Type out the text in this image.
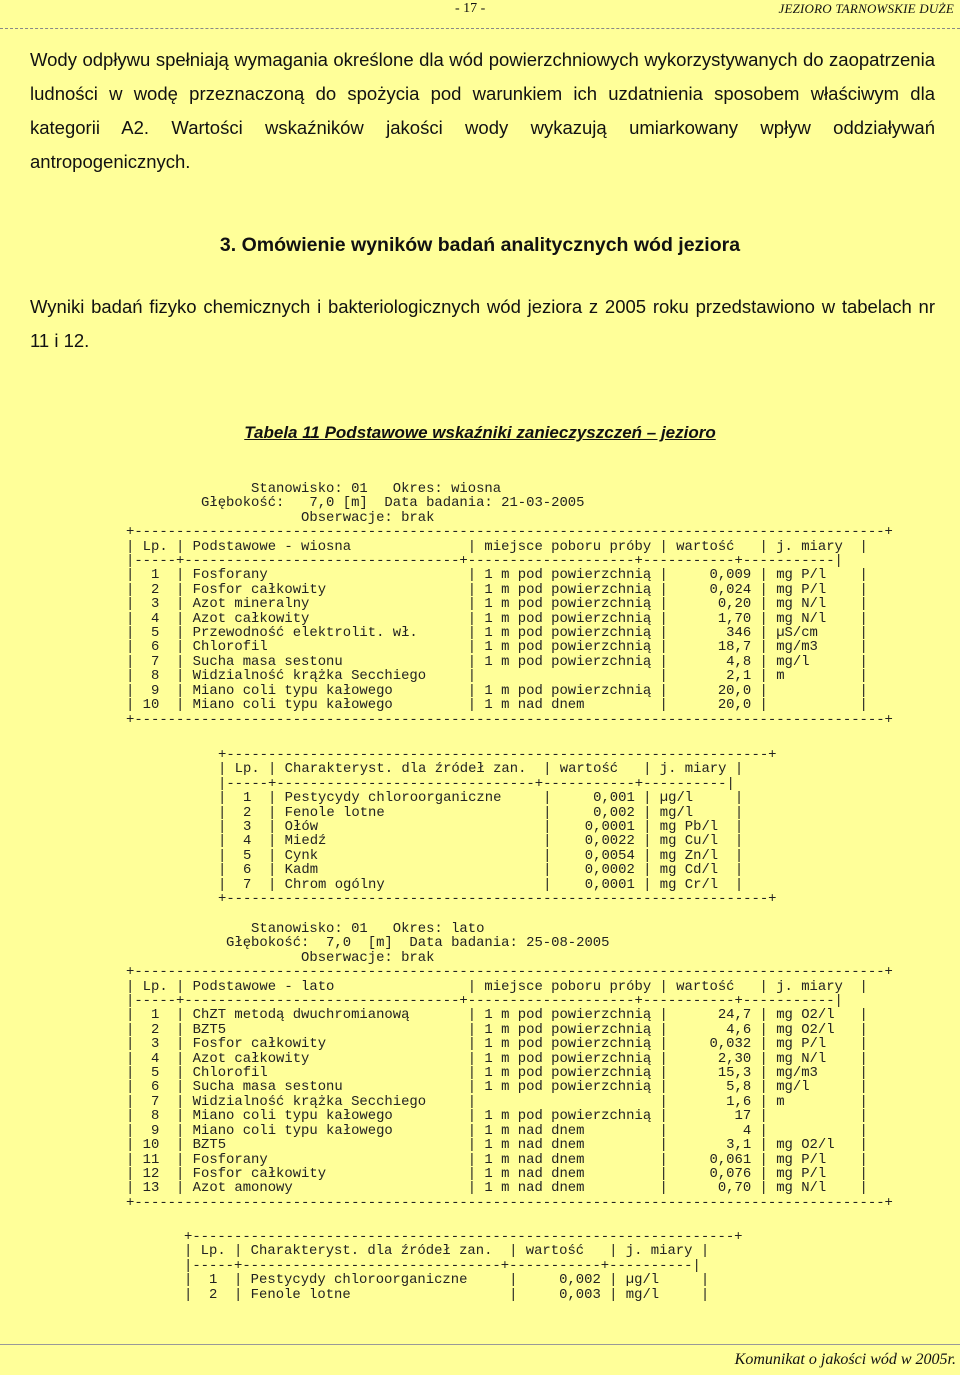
- 17 -	JEZIORO TARNOWSKIE DUŻE
Wody odpływu spełniają wymagania określone dla wód powierzchniowych wykorzystywanych do zaopatrzenia ludności w wodę przeznaczoną do spożycia pod warunkiem ich uzdatnienia sposobem właściwym dla kategorii A2. Wartości wskaźników jakości wody wykazują umiarkowany wpływ oddziaływań antropogenicznych.
3. Omówienie wyników badań analitycznych wód jeziora
Wyniki badań fizyko chemicznych i bakteriologicznych wód jeziora z 2005 roku przedstawiono w tabelach nr 11 i 12.
Tabela 11 Podstawowe wskaźniki zanieczyszczeń – jezioro
Stanowisko: 01   Okres: wiosna
Głębokość:   7,0 [m]  Data badania: 21-03-2005
Obserwacje: brak
+------------------------------------------------------------------------------------------+
| Lp. | Podstawowe - wiosna              | miejsce poboru próby | wartość   | j. miary  |
|-----+---------------------------------+--------------------+-----------+-----------|
|  1  | Fosforany                        | 1 m pod powierzchnią |     0,009 | mg P/l    |
|  2  | Fosfor całkowity                 | 1 m pod powierzchnią |     0,024 | mg P/l    |
|  3  | Azot mineralny                   | 1 m pod powierzchnią |      0,20 | mg N/l    |
|  4  | Azot całkowity                   | 1 m pod powierzchnią |      1,70 | mg N/l    |
|  5  | Przewodność elektrolit. wł.      | 1 m pod powierzchnią |       346 | µS/cm     |
|  6  | Chlorofil                        | 1 m pod powierzchnią |      18,7 | mg/m3     |
|  7  | Sucha masa sestonu               | 1 m pod powierzchnią |       4,8 | mg/l      |
|  8  | Widzialność krążka Secchiego     |                      |       2,1 | m         |
|  9  | Miano coli typu kałowego         | 1 m pod powierzchnią |      20,0 |           |
| 10  | Miano coli typu kałowego         | 1 m nad dnem         |      20,0 |           |
+------------------------------------------------------------------------------------------+
+-----------------------------------------------------------------+
| Lp. | Charakteryst. dla źródeł zan.  | wartość   | j. miary |
|-----+-------------------------------+-----------+----------|
|  1  | Pestycydy chloroorganiczne     |     0,001 | µg/l     |
|  2  | Fenole lotne                   |     0,002 | mg/l     |
|  3  | Ołów                           |    0,0001 | mg Pb/l  |
|  4  | Miedź                          |    0,0022 | mg Cu/l  |
|  5  | Cynk                           |    0,0054 | mg Zn/l  |
|  6  | Kadm                           |    0,0002 | mg Cd/l  |
|  7  | Chrom ogólny                   |    0,0001 | mg Cr/l  |
+-----------------------------------------------------------------+
Stanowisko: 01   Okres: lato
Głębokość:  7,0  [m]  Data badania: 25-08-2005
Obserwacje: brak
+------------------------------------------------------------------------------------------+
| Lp. | Podstawowe - lato                | miejsce poboru próby | wartość   | j. miary  |
|-----+---------------------------------+--------------------+-----------+-----------|
|  1  | ChZT metodą dwuchromianową       | 1 m pod powierzchnią |      24,7 | mg O2/l   |
|  2  | BZT5                             | 1 m pod powierzchnią |       4,6 | mg O2/l   |
|  3  | Fosfor całkowity                 | 1 m pod powierzchnią |     0,032 | mg P/l    |
|  4  | Azot całkowity                   | 1 m pod powierzchnią |      2,30 | mg N/l    |
|  5  | Chlorofil                        | 1 m pod powierzchnią |      15,3 | mg/m3     |
|  6  | Sucha masa sestonu               | 1 m pod powierzchnią |       5,8 | mg/l      |
|  7  | Widzialność krążka Secchiego     |                      |       1,6 | m         |
|  8  | Miano coli typu kałowego         | 1 m pod powierzchnią |        17 |           |
|  9  | Miano coli typu kałowego         | 1 m nad dnem         |         4 |           |
| 10  | BZT5                             | 1 m nad dnem         |       3,1 | mg O2/l   |
| 11  | Fosforany                        | 1 m nad dnem         |     0,061 | mg P/l    |
| 12  | Fosfor całkowity                 | 1 m nad dnem         |     0,076 | mg P/l    |
| 13  | Azot amonowy                     | 1 m nad dnem         |      0,70 | mg N/l    |
+------------------------------------------------------------------------------------------+
+-----------------------------------------------------------------+
| Lp. | Charakteryst. dla źródeł zan.  | wartość   | j. miary |
|-----+-------------------------------+-----------+----------|
|  1  | Pestycydy chloroorganiczne     |     0,002 | µg/l     |
|  2  | Fenole lotne                   |     0,003 | mg/l     |
Komunikat o jakości wód w 2005r.
